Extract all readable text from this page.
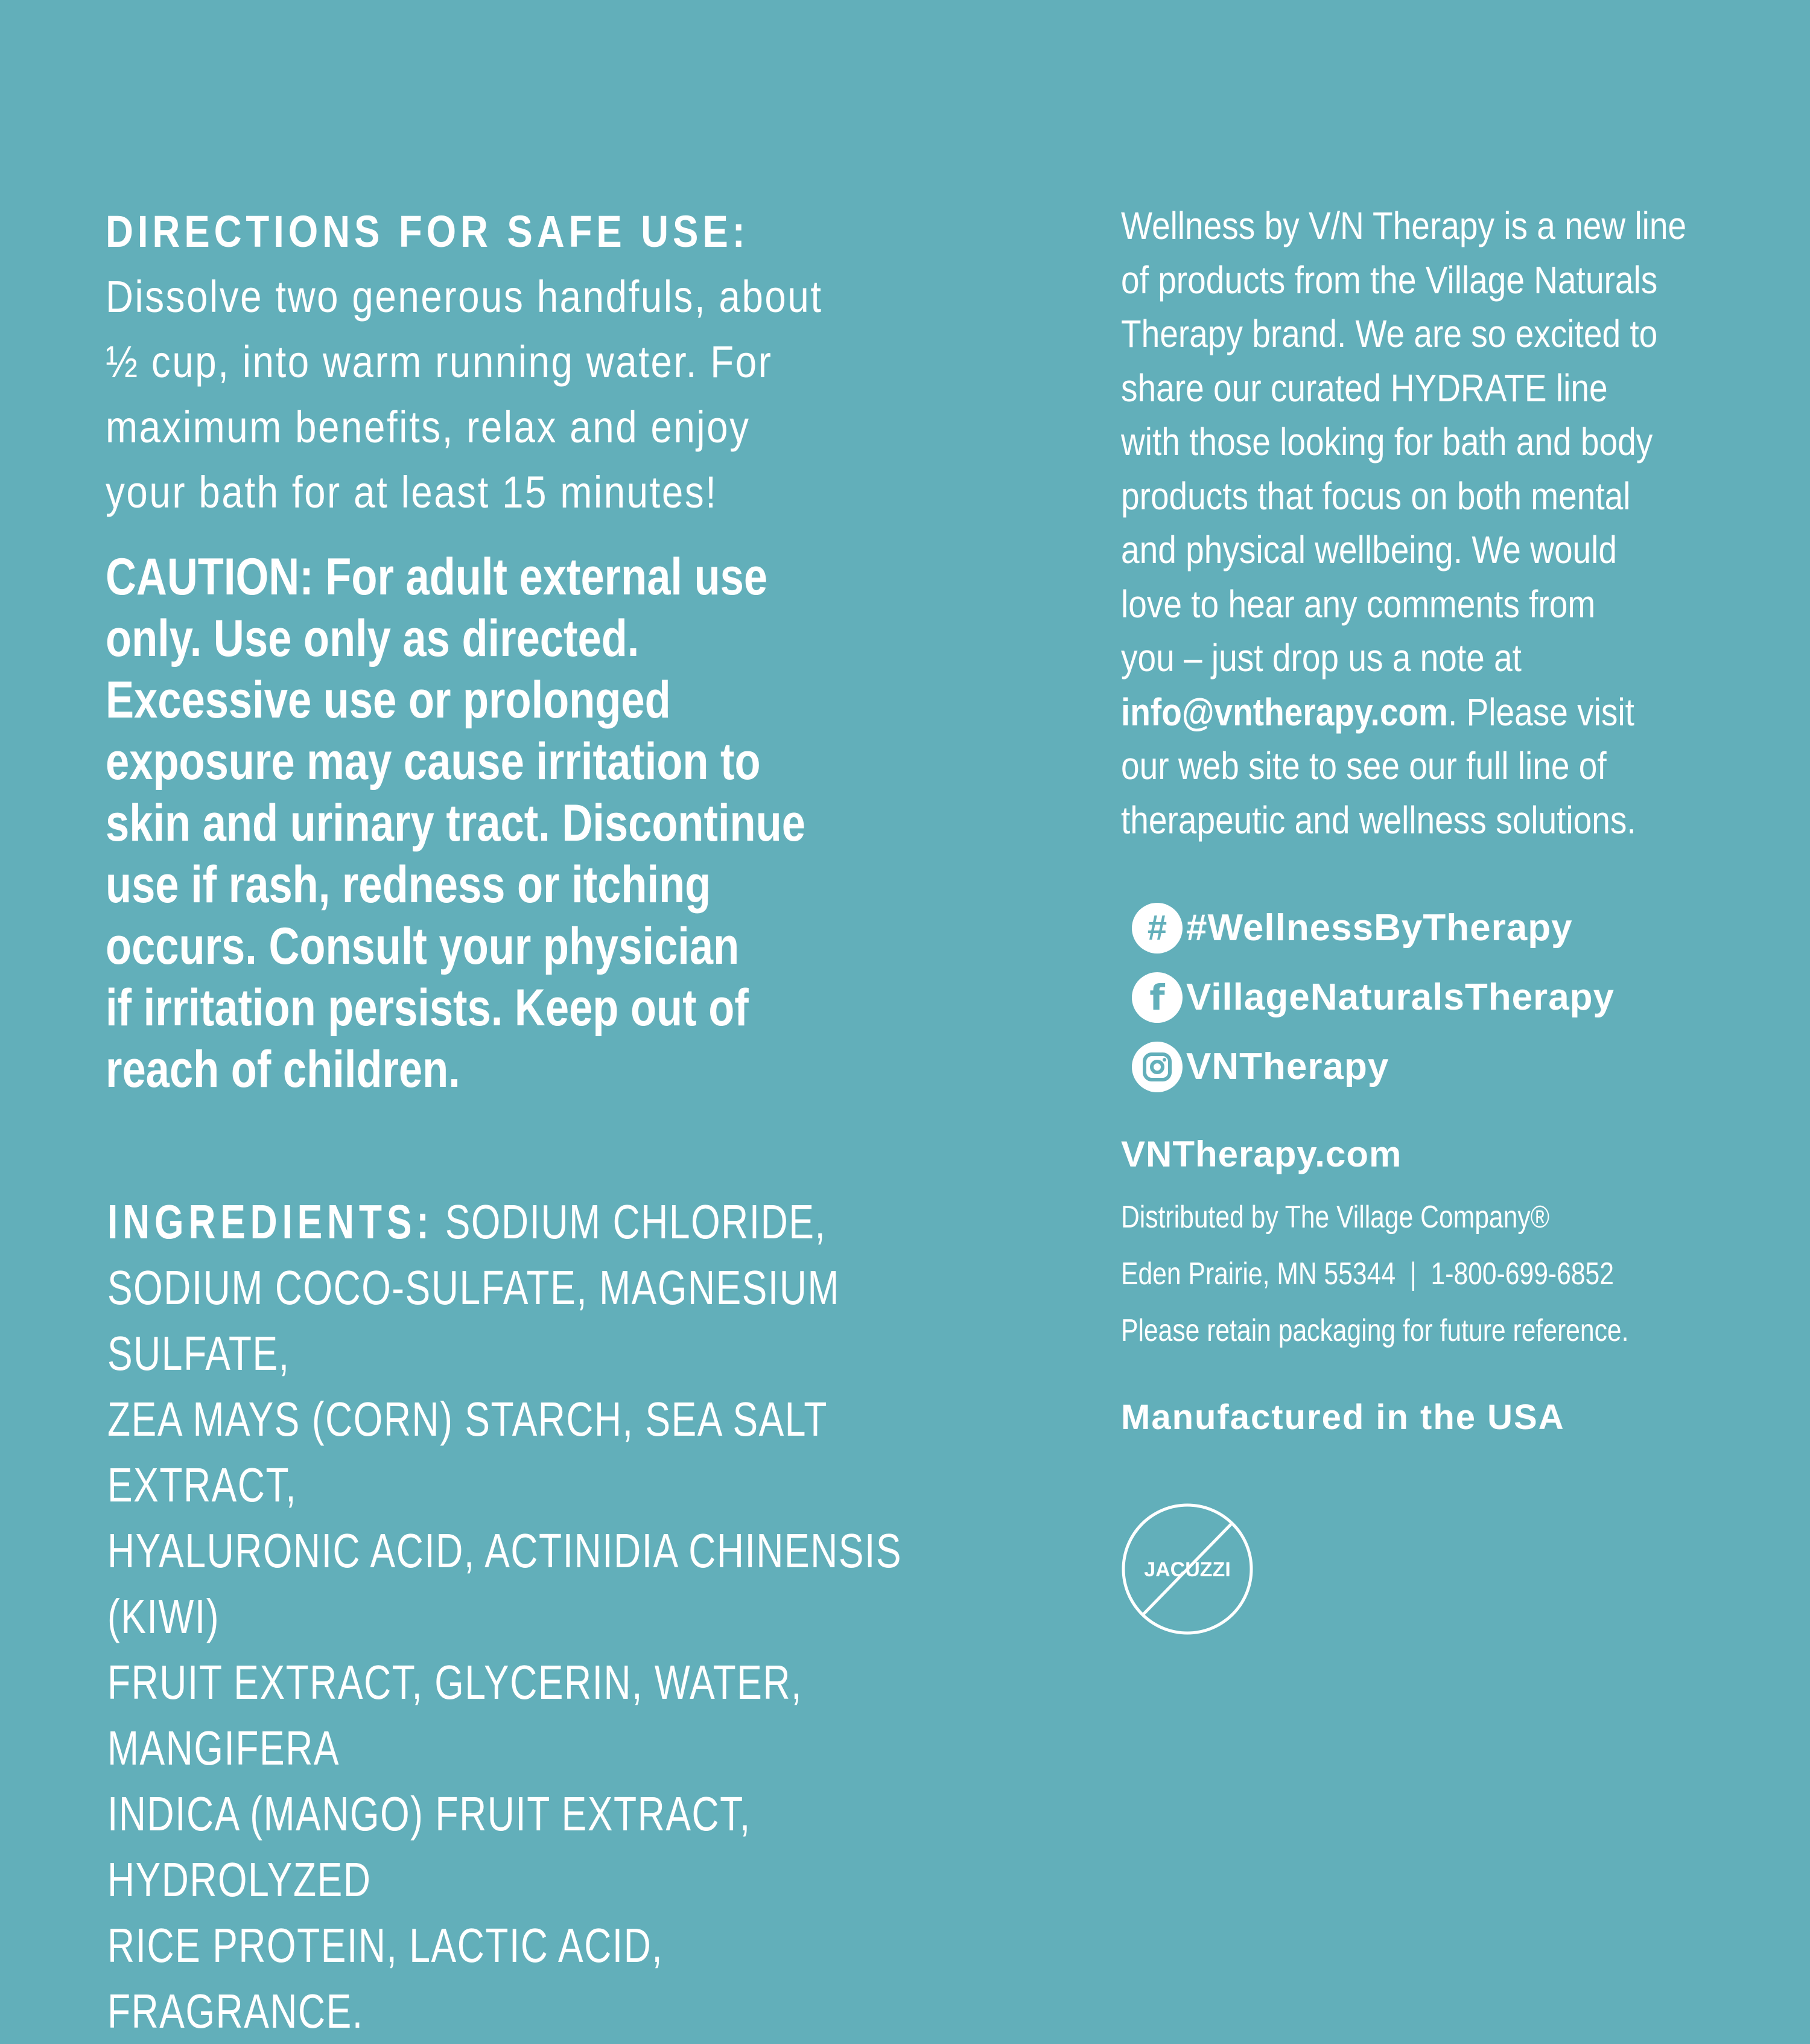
DIRECTIONS FOR SAFE USE:
Dissolve two generous handfuls, about
½ cup, into warm running water. For
maximum benefits, relax and enjoy
your bath for at least 15 minutes!
CAUTION: For adult external use
only. Use only as directed.
Excessive use or prolonged
exposure may cause irritation to
skin and urinary tract. Discontinue
use if rash, redness or itching
occurs. Consult your physician
if irritation persists. Keep out of
reach of children.
INGREDIENTS: SODIUM CHLORIDE,
SODIUM COCO-SULFATE, MAGNESIUM SULFATE,
ZEA MAYS (CORN) STARCH, SEA SALT EXTRACT,
HYALURONIC ACID, ACTINIDIA CHINENSIS (KIWI)
FRUIT EXTRACT, GLYCERIN, WATER, MANGIFERA
INDICA (MANGO) FRUIT EXTRACT, HYDROLYZED
RICE PROTEIN, LACTIC ACID, FRAGRANCE.
Wellness by V/N Therapy is a new line
of products from the Village Naturals
Therapy brand. We are so excited to
share our curated HYDRATE line
with those looking for bath and body
products that focus on both mental
and physical wellbeing. We would
love to hear any comments from
you – just drop us a note at
info@vntherapy.com. Please visit
our web site to see our full line of
therapeutic and wellness solutions.
# #WellnessByTherapy
f VillageNaturalsTherapy
VNTherapy
VNTherapy.com
Distributed by The Village Company®
Eden Prairie, MN 55344  |  1-800-699-6852
Please retain packaging for future reference.
Manufactured in the USA
JACUZZI
